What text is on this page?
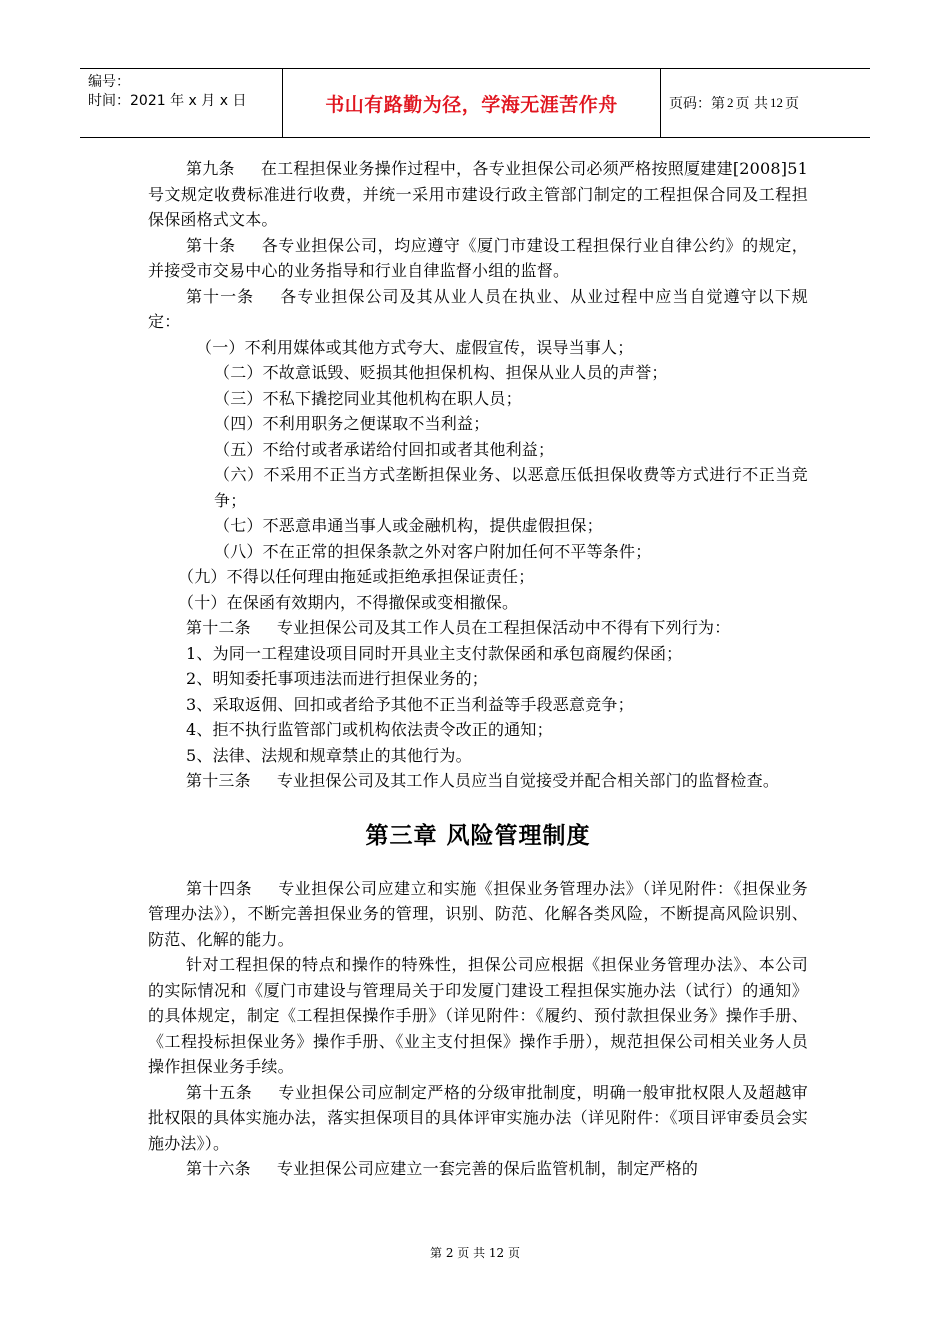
编号：
时间：2021 年 x 月 x 日	书山有路勤为径，学海无涯苦作舟	页码：第 2 页 共 12 页

第九条 在工程担保业务操作过程中，各专业担保公司必须严格按照厦建建[2008]51号文规定收费标准进行收费，并统一采用市建设行政主管部门制定的工程担保合同及工程担保保函格式文本。

第十条 各专业担保公司，均应遵守《厦门市建设工程担保行业自律公约》的规定，并接受市交易中心的业务指导和行业自律监督小组的监督。

第十一条 各专业担保公司及其从业人员在执业、从业过程中应当自觉遵守以下规定：

（一）不利用媒体或其他方式夸大、虚假宣传，误导当事人；

（二）不故意诋毁、贬损其他担保机构、担保从业人员的声誉；

（三）不私下撬挖同业其他机构在职人员；

（四）不利用职务之便谋取不当利益；

（五）不给付或者承诺给付回扣或者其他利益；

（六）不采用不正当方式垄断担保业务、以恶意压低担保收费等方式进行不正当竞争；

（七）不恶意串通当事人或金融机构，提供虚假担保；

（八）不在正常的担保条款之外对客户附加任何不平等条件；

（九）不得以任何理由拖延或拒绝承担保证责任；

（十）在保函有效期内，不得撤保或变相撤保。

第十二条 专业担保公司及其工作人员在工程担保活动中不得有下列行为：

1、为同一工程建设项目同时开具业主支付款保函和承包商履约保函；

2、明知委托事项违法而进行担保业务的；

3、采取返佣、回扣或者给予其他不正当利益等手段恶意竞争；

4、拒不执行监管部门或机构依法责令改正的通知；

5、法律、法规和规章禁止的其他行为。

第十三条 专业担保公司及其工作人员应当自觉接受并配合相关部门的监督检查。

第三章 风险管理制度

第十四条 专业担保公司应建立和实施《担保业务管理办法》（详见附件：《担保业务管理办法》），不断完善担保业务的管理，识别、防范、化解各类风险，不断提高风险识别、防范、化解的能力。

针对工程担保的特点和操作的特殊性，担保公司应根据《担保业务管理办法》、本公司的实际情况和《厦门市建设与管理局关于印发厦门建设工程担保实施办法（试行）的通知》的具体规定，制定《工程担保操作手册》（详见附件：《履约、预付款担保业务》操作手册、《工程投标担保业务》操作手册、《业主支付担保》操作手册），规范担保公司相关业务人员操作担保业务手续。

第十五条 专业担保公司应制定严格的分级审批制度，明确一般审批权限人及超越审批权限的具体实施办法，落实担保项目的具体评审实施办法（详见附件：《项目评审委员会实施办法》）。

第十六条 专业担保公司应建立一套完善的保后监管机制，制定严格的

第 2 页 共 12 页
